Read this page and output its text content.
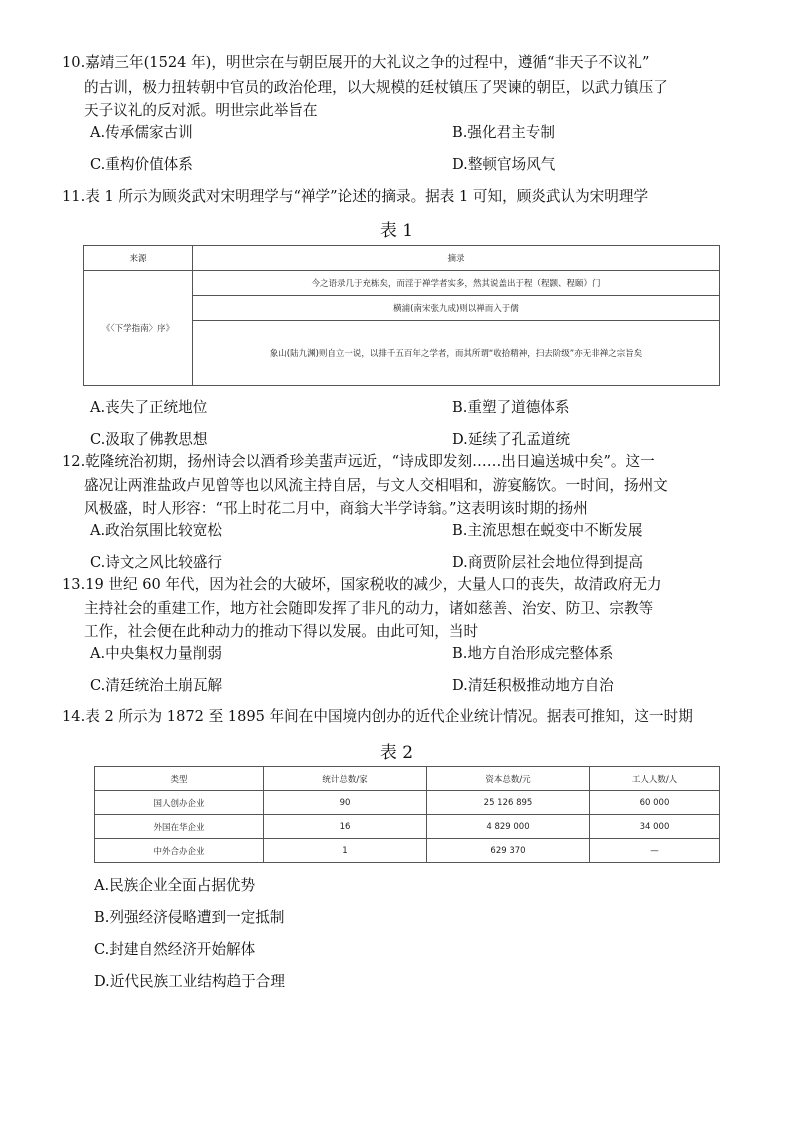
10.嘉靖三年(1524 年)，明世宗在与朝臣展开的大礼议之争的过程中，遵循“非天子不议礼”
的古训，极力扭转朝中官员的政治伦理，以大规模的廷杖镇压了哭谏的朝臣，以武力镇压了
天子议礼的反对派。明世宗此举旨在
A.传承儒家古训	B.强化君主专制
C.重构价值体系	D.整顿官场风气
11.表 1 所示为顾炎武对宋明理学与“禅学”论述的摘录。据表 1 可知，顾炎武认为宋明理学
表 1
来源	摘录
《〈下学指南〉序》	今之语录几于充栋矣，而淫于禅学者实多，然其说盖出于程（程颢、程颐）门
	横浦(南宋张九成)则以禅而入于儒
	象山(陆九渊)则自立一说，以排千五百年之学者，而其所谓“收拾精神，扫去阶级”亦无非禅之宗旨矣
A.丧失了正统地位	B.重塑了道德体系
C.汲取了佛教思想	D.延续了孔孟道统
12.乾隆统治初期，扬州诗会以酒肴珍美蜚声远近，“诗成即发刻……出日遍送城中矣”。这一
盛况让两淮盐政卢见曾等也以风流主持自居，与文人交相唱和，游宴觞饮。一时间，扬州文
风极盛，时人形容：“邗上时花二月中，商翁大半学诗翁。”这表明该时期的扬州
A.政治氛围比较宽松	B.主流思想在蜕变中不断发展
C.诗文之风比较盛行	D.商贾阶层社会地位得到提高
13.19 世纪 60 年代，因为社会的大破坏，国家税收的减少，大量人口的丧失，故清政府无力
主持社会的重建工作，地方社会随即发挥了非凡的动力，诸如慈善、治安、防卫、宗教等
工作，社会便在此种动力的推动下得以发展。由此可知，当时
A.中央集权力量削弱	B.地方自治形成完整体系
C.清廷统治土崩瓦解	D.清廷积极推动地方自治
14.表 2 所示为 1872 至 1895 年间在中国境内创办的近代企业统计情况。据表可推知，这一时期
表 2
类型	统计总数/家	资本总数/元	工人人数/人
国人创办企业	90	25 126 895	60 000
外国在华企业	16	4 829 000	34 000
中外合办企业	1	629 370	—
A.民族企业全面占据优势
B.列强经济侵略遭到一定抵制
C.封建自然经济开始解体
D.近代民族工业结构趋于合理
